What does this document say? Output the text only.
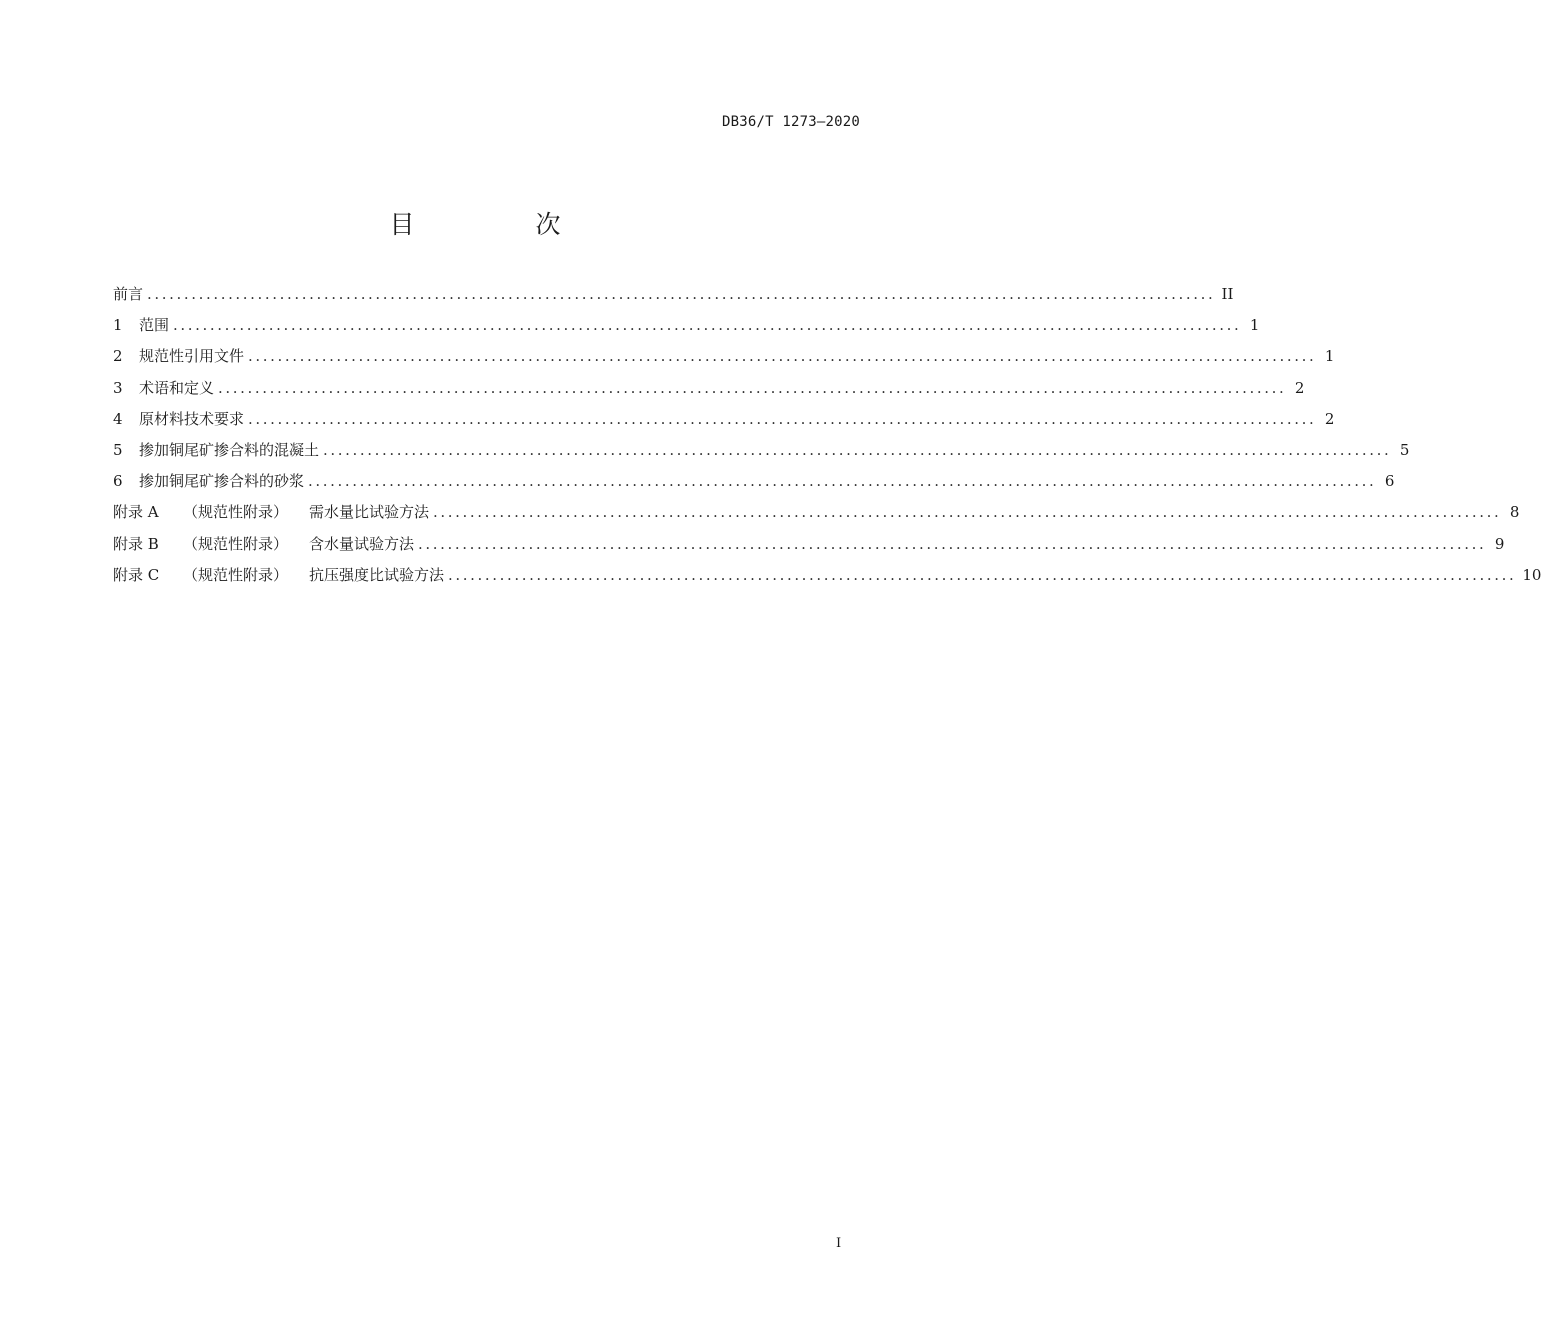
DB36/T 1273—2020
目　次
前言 ................................................................................................................................................. II
1 范围 ................................................................................................................................................. 1
2 规范性引用文件 ................................................................................................................................................. 1
3 术语和定义 ................................................................................................................................................. 2
4 原材料技术要求 ................................................................................................................................................. 2
5 掺加铜尾矿掺合料的混凝土 ................................................................................................................................................. 5
6 掺加铜尾矿掺合料的砂浆 ................................................................................................................................................. 6
附录 A （规范性附录） 需水量比试验方法 ................................................................................................................................................. 8
附录 B （规范性附录） 含水量试验方法 ................................................................................................................................................. 9
附录 C （规范性附录） 抗压强度比试验方法 ................................................................................................................................................. 10
I
